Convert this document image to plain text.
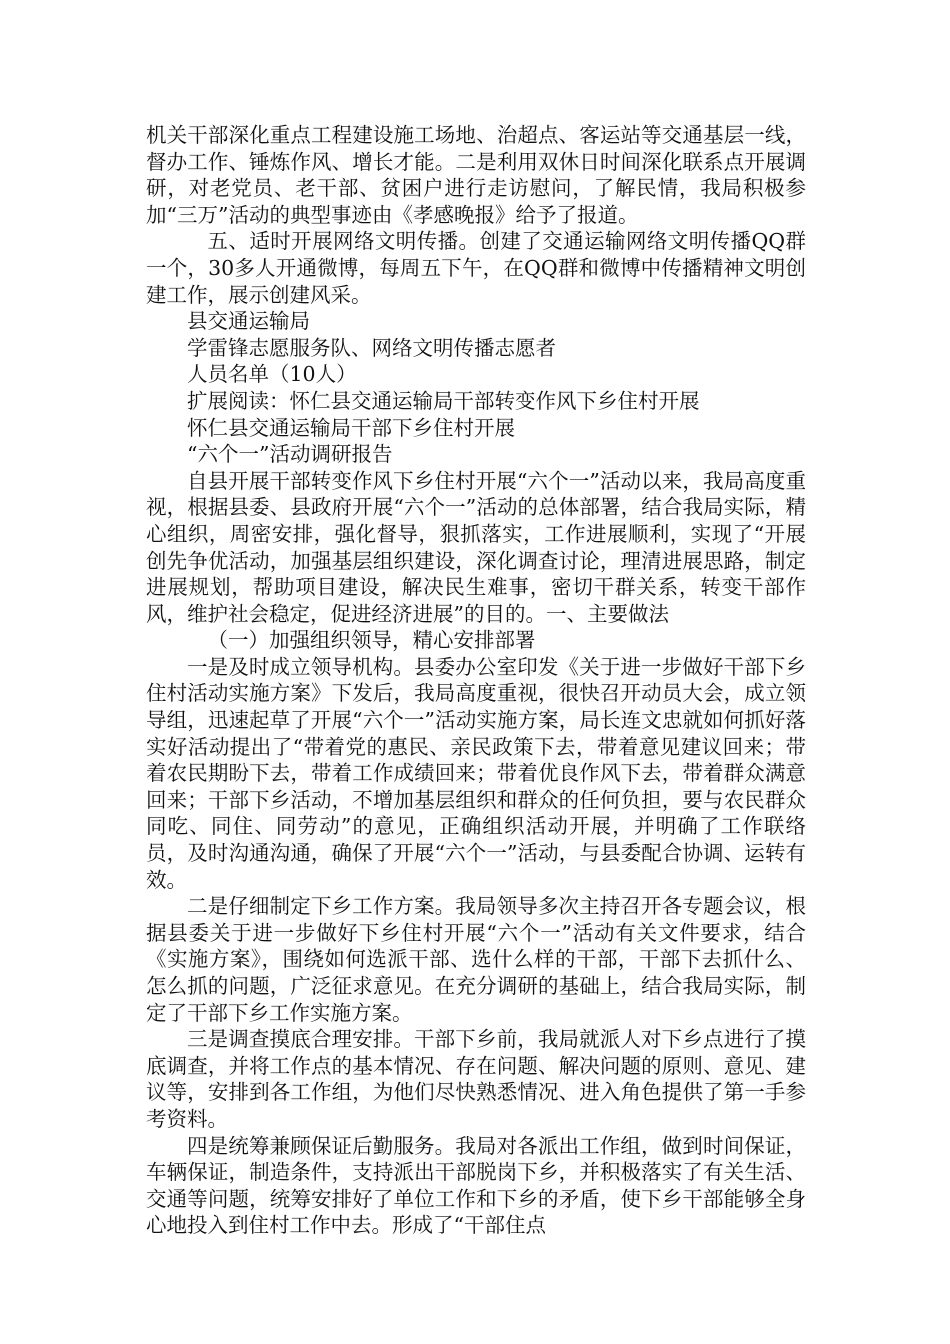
机关干部深化重点工程建设施工场地、治超点、客运站等交通基层一线，督办工作、锤炼作风、增长才能。二是利用双休日时间深化联系点开展调研，对老党员、老干部、贫困户进行走访慰问，了解民情，我局积极参加“三万”活动的典型事迹由《孝感晚报》给予了报道。

五、适时开展网络文明传播。创建了交通运输网络文明传播QQ群一个，30多人开通微博，每周五下午，在QQ群和微博中传播精神文明创建工作，展示创建风采。

县交通运输局

学雷锋志愿服务队、网络文明传播志愿者

人员名单（10人）

扩展阅读：怀仁县交通运输局干部转变作风下乡住村开展

怀仁县交通运输局干部下乡住村开展

“六个一”活动调研报告

自县开展干部转变作风下乡住村开展“六个一”活动以来，我局高度重视，根据县委、县政府开展“六个一”活动的总体部署，结合我局实际，精心组织，周密安排，强化督导，狠抓落实，工作进展顺利，实现了“开展创先争优活动，加强基层组织建设，深化调查讨论，理清进展思路，制定进展规划，帮助项目建设，解决民生难事，密切干群关系，转变干部作风，维护社会稳定，促进经济进展”的目的。一、主要做法

（一）加强组织领导，精心安排部署

一是及时成立领导机构。县委办公室印发《关于进一步做好干部下乡住村活动实施方案》下发后，我局高度重视，很快召开动员大会，成立领导组，迅速起草了开展“六个一”活动实施方案，局长连文忠就如何抓好落实好活动提出了“带着党的惠民、亲民政策下去，带着意见建议回来；带着农民期盼下去，带着工作成绩回来；带着优良作风下去，带着群众满意回来；干部下乡活动，不增加基层组织和群众的任何负担，要与农民群众同吃、同住、同劳动”的意见，正确组织活动开展，并明确了工作联络员，及时沟通沟通，确保了开展“六个一”活动，与县委配合协调、运转有效。

二是仔细制定下乡工作方案。我局领导多次主持召开各专题会议，根据县委关于进一步做好下乡住村开展“六个一”活动有关文件要求，结合《实施方案》，围绕如何选派干部、选什么样的干部，干部下去抓什么、怎么抓的问题，广泛征求意见。在充分调研的基础上，结合我局实际，制定了干部下乡工作实施方案。

三是调查摸底合理安排。干部下乡前，我局就派人对下乡点进行了摸底调查，并将工作点的基本情况、存在问题、解决问题的原则、意见、建议等，安排到各工作组，为他们尽快熟悉情况、进入角色提供了第一手参考资料。

四是统筹兼顾保证后勤服务。我局对各派出工作组，做到时间保证，车辆保证，制造条件，支持派出干部脱岗下乡，并积极落实了有关生活、交通等问题，统筹安排好了单位工作和下乡的矛盾，使下乡干部能够全身心地投入到住村工作中去。形成了“干部住点
